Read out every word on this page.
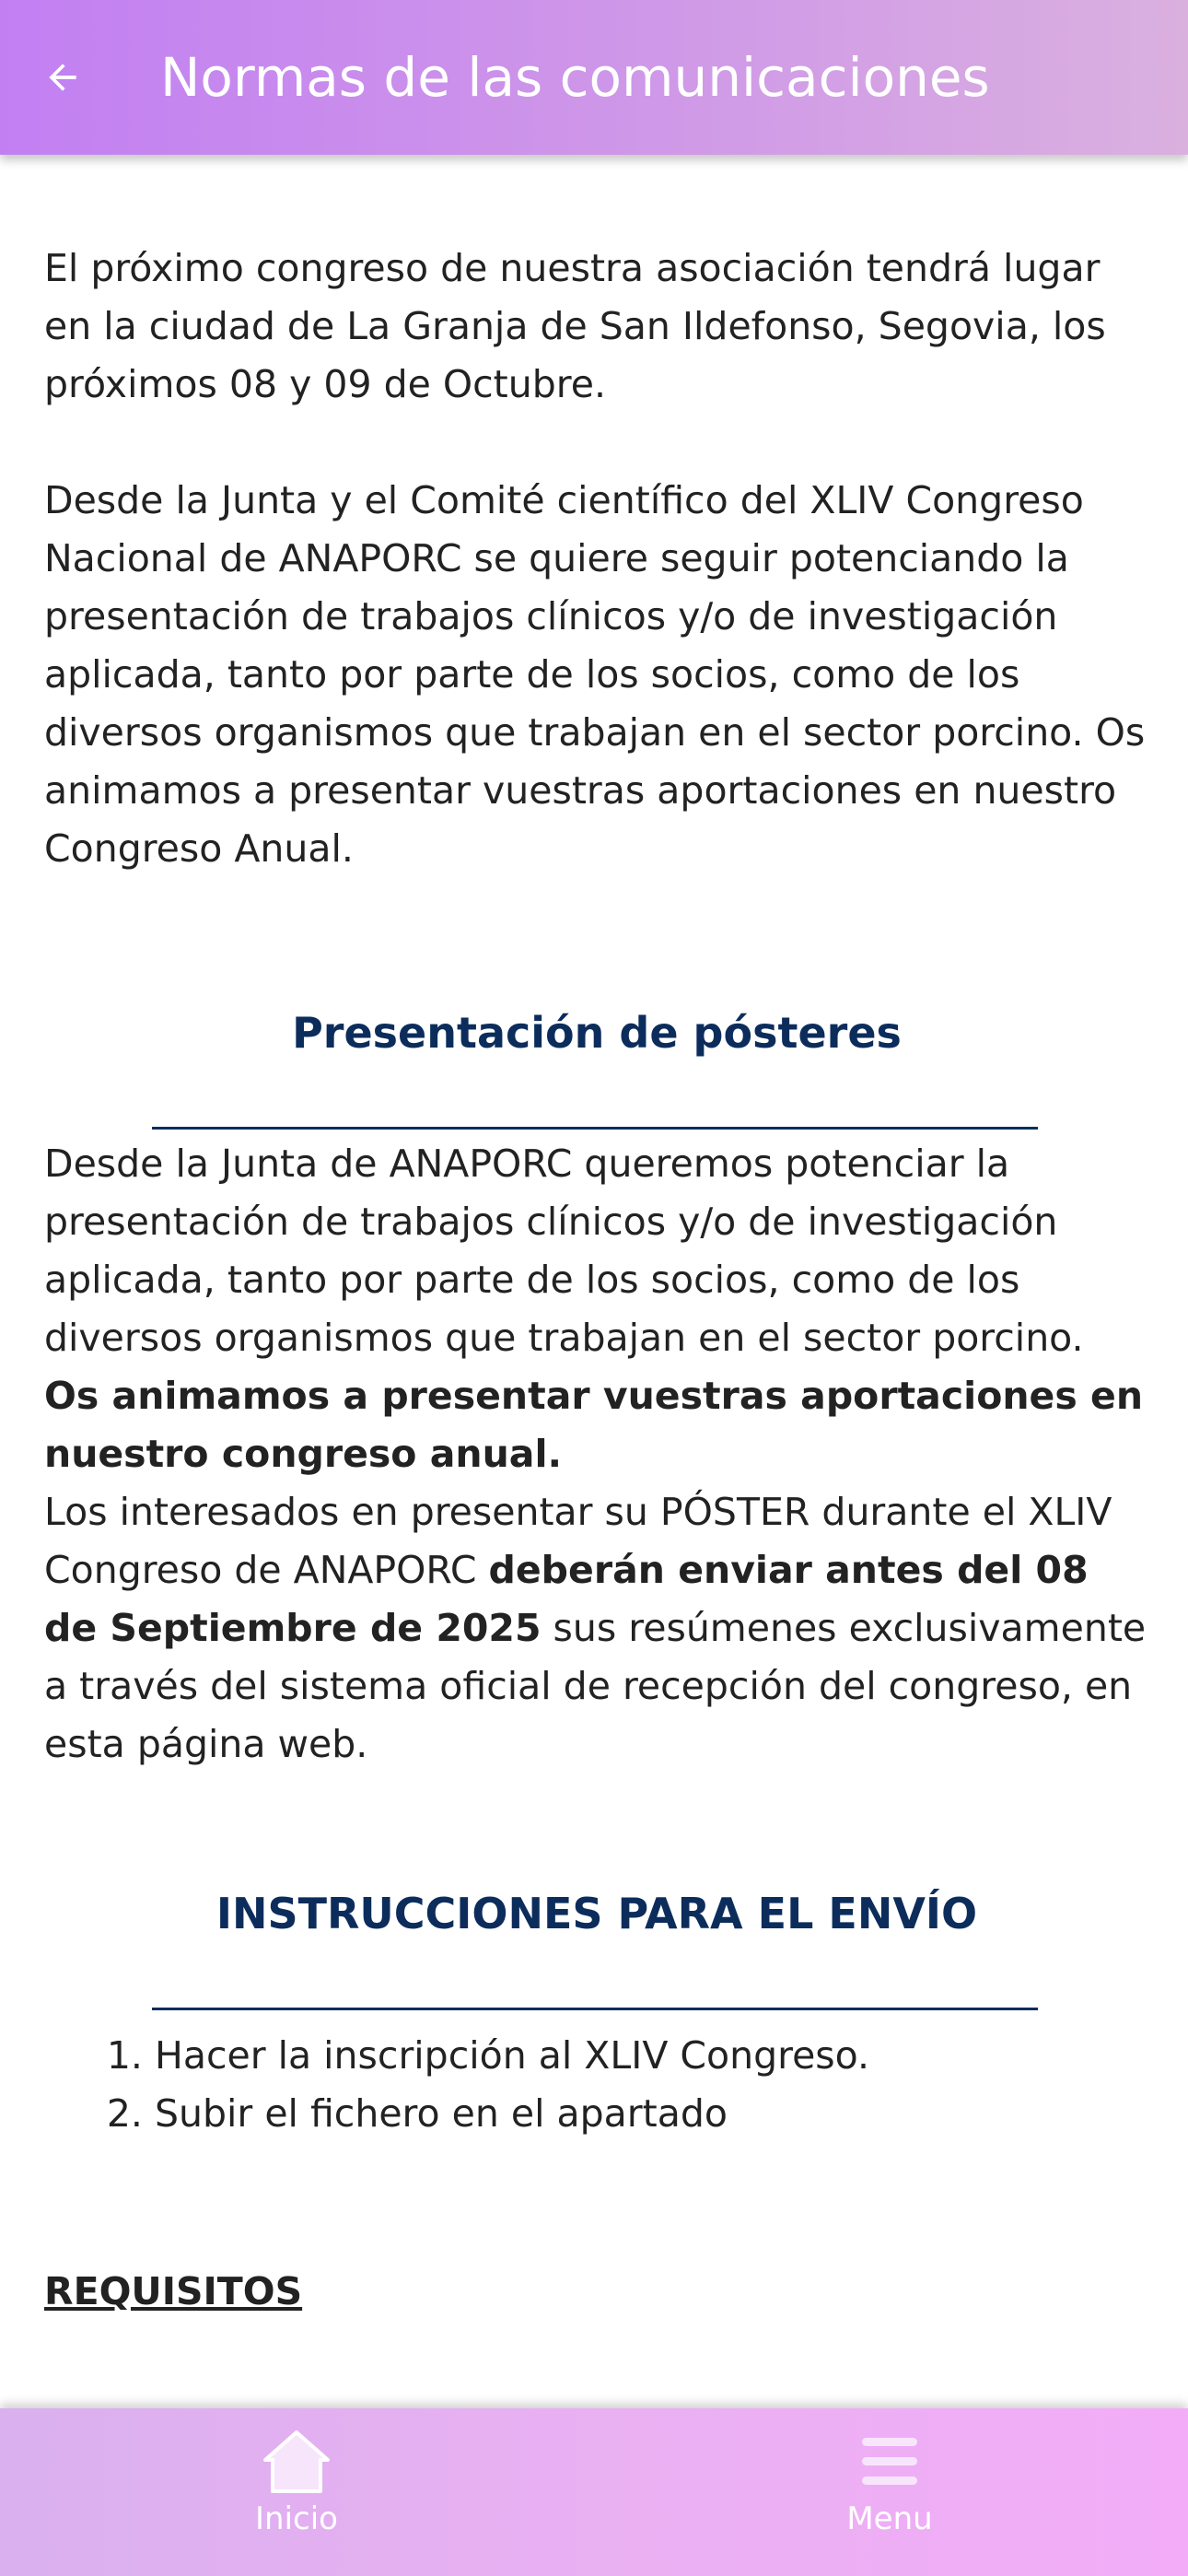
Normas de las comunicaciones

El próximo congreso de nuestra asociación tendrá lugar en la ciudad de La Granja de San Ildefonso, Segovia, los próximos 08 y 09 de Octubre.

Desde la Junta y el Comité científico del XLIV Congreso Nacional de ANAPORC se quiere seguir potenciando la presentación de trabajos clínicos y/o de investigación aplicada, tanto por parte de los socios, como de los diversos organismos que trabajan en el sector porcino. Os animamos a presentar vuestras aportaciones en nuestro Congreso Anual.

Presentación de pósteres

Desde la Junta de ANAPORC queremos potenciar la presentación de trabajos clínicos y/o de investigación aplicada, tanto por parte de los socios, como de los diversos organismos que trabajan en el sector porcino. Os animamos a presentar vuestras aportaciones en nuestro congreso anual.

Los interesados en presentar su PÓSTER durante el XLIV Congreso de ANAPORC deberán enviar antes del 08 de Septiembre de 2025 sus resúmenes exclusivamente a través del sistema oficial de recepción del congreso, en esta página web.

INSTRUCCIONES PARA EL ENVÍO
1. Hacer la inscripción al XLIV Congreso.
2. Subir el fichero en el apartado
REQUISITOS
Inicio	Menu
